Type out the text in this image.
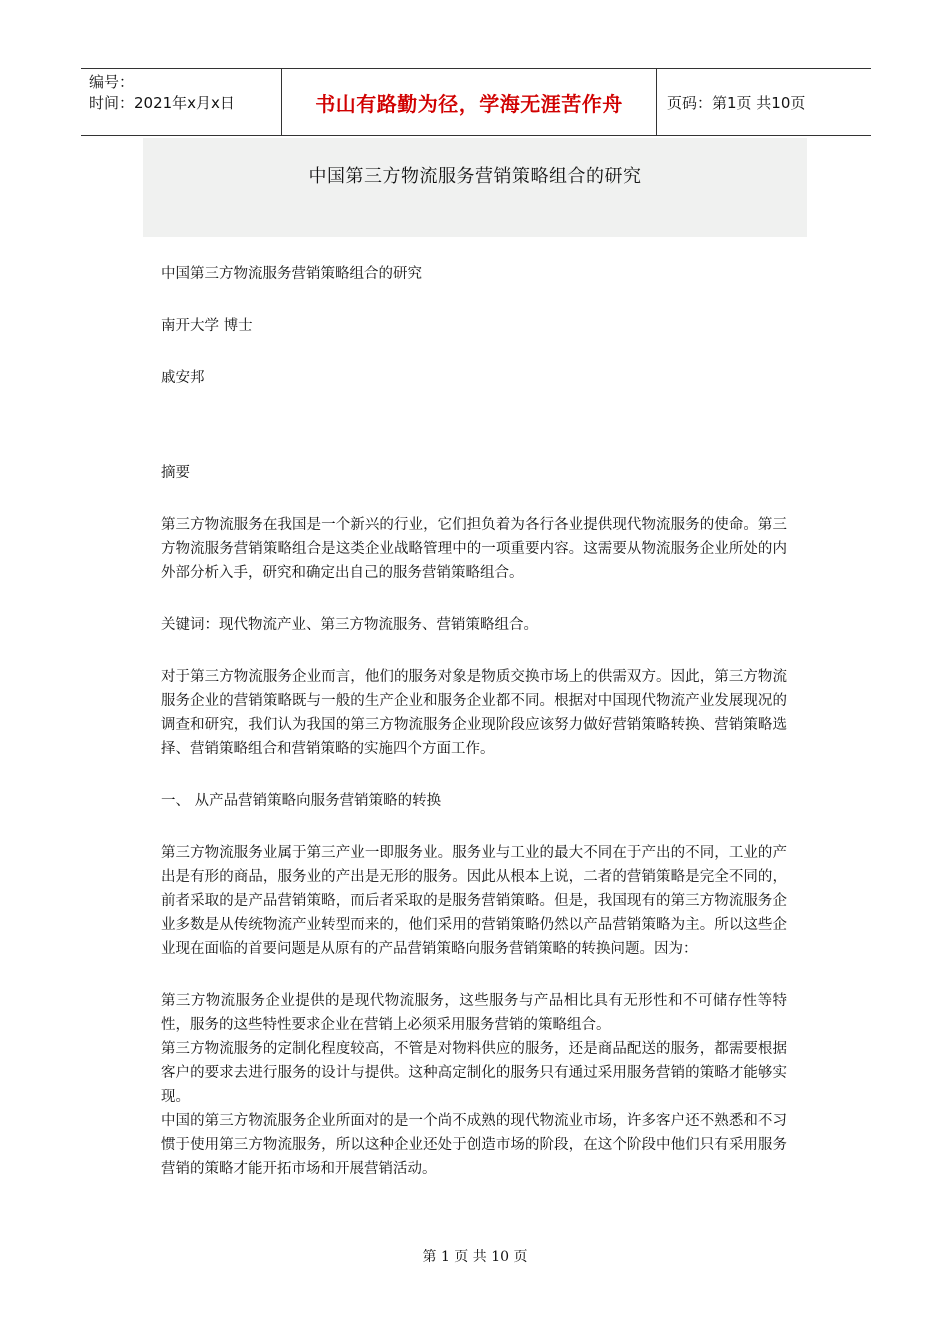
编号：
时间：2021年x月x日	书山有路勤为径，学海无涯苦作舟	页码：第1页 共10页
中国第三方物流服务营销策略组合的研究

中国第三方物流服务营销策略组合的研究

南开大学 博士

戚安邦

摘要

第三方物流服务在我国是一个新兴的行业，它们担负着为各行各业提供现代物流服务的使命。第三方物流服务营销策略组合是这类企业战略管理中的一项重要内容。这需要从物流服务企业所处的内外部分析入手，研究和确定出自己的服务营销策略组合。

关键词：现代物流产业、第三方物流服务、营销策略组合。

对于第三方物流服务企业而言，他们的服务对象是物质交换市场上的供需双方。因此，第三方物流服务企业的营销策略既与一般的生产企业和服务企业都不同。根据对中国现代物流产业发展现况的调查和研究，我们认为我国的第三方物流服务企业现阶段应该努力做好营销策略转换、营销策略选择、营销策略组合和营销策略的实施四个方面工作。

一、 从产品营销策略向服务营销策略的转换

第三方物流服务业属于第三产业一即服务业。服务业与工业的最大不同在于产出的不同，工业的产出是有形的商品，服务业的产出是无形的服务。因此从根本上说，二者的营销策略是完全不同的，前者采取的是产品营销策略，而后者采取的是服务营销策略。但是，我国现有的第三方物流服务企业多数是从传统物流产业转型而来的，他们采用的营销策略仍然以产品营销策略为主。所以这些企业现在面临的首要问题是从原有的产品营销策略向服务营销策略的转换问题。因为：

第三方物流服务企业提供的是现代物流服务，这些服务与产品相比具有无形性和不可储存性等特性，服务的这些特性要求企业在营销上必须采用服务营销的策略组合。

第三方物流服务的定制化程度较高，不管是对物料供应的服务，还是商品配送的服务，都需要根据客户的要求去进行服务的设计与提供。这种高定制化的服务只有通过采用服务营销的策略才能够实现。

中国的第三方物流服务企业所面对的是一个尚不成熟的现代物流业市场，许多客户还不熟悉和不习惯于使用第三方物流服务，所以这种企业还处于创造市场的阶段，在这个阶段中他们只有采用服务营销的策略才能开拓市场和开展营销活动。

第 1 页 共 10 页
